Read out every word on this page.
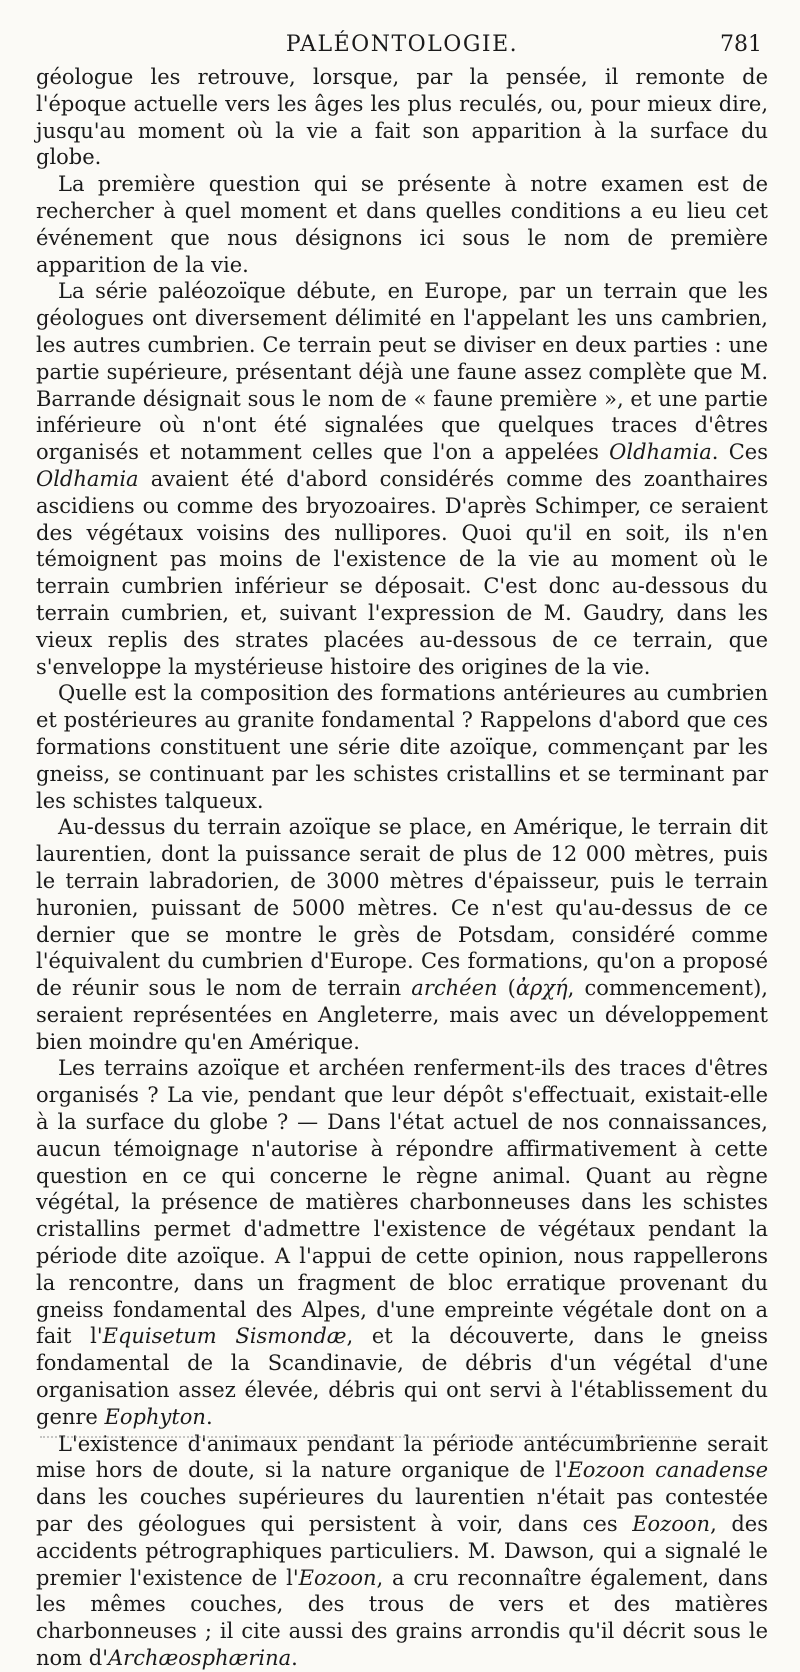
PALÉONTOLOGIE.	781

géologue les retrouve, lorsque, par la pensée, il remonte de l'époque actuelle vers les âges les plus reculés, ou, pour mieux dire, jusqu'au moment où la vie a fait son apparition à la surface du globe.

La première question qui se présente à notre examen est de rechercher à quel moment et dans quelles conditions a eu lieu cet événement que nous désignons ici sous le nom de première apparition de la vie.

La série paléozoïque débute, en Europe, par un terrain que les géologues ont diversement délimité en l'appelant les uns cambrien, les autres cumbrien. Ce terrain peut se diviser en deux parties : une partie supérieure, présentant déjà une faune assez complète que M. Barrande désignait sous le nom de « faune première », et une partie inférieure où n'ont été signalées que quelques traces d'êtres organisés et notamment celles que l'on a appelées Oldhamia. Ces Oldhamia avaient été d'abord considérés comme des zoanthaires ascidiens ou comme des bryozoaires. D'après Schimper, ce seraient des végétaux voisins des nullipores. Quoi qu'il en soit, ils n'en témoignent pas moins de l'existence de la vie au moment où le terrain cumbrien inférieur se déposait. C'est donc au-dessous du terrain cumbrien, et, suivant l'expression de M. Gaudry, dans les vieux replis des strates placées au-dessous de ce terrain, que s'enveloppe la mystérieuse histoire des origines de la vie.

Quelle est la composition des formations antérieures au cumbrien et postérieures au granite fondamental ? Rappelons d'abord que ces formations constituent une série dite azoïque, commençant par les gneiss, se continuant par les schistes cristallins et se terminant par les schistes talqueux.

Au-dessus du terrain azoïque se place, en Amérique, le terrain dit laurentien, dont la puissance serait de plus de 12 000 mètres, puis le terrain labradorien, de 3000 mètres d'épaisseur, puis le terrain huronien, puissant de 5000 mètres. Ce n'est qu'au-dessus de ce dernier que se montre le grès de Potsdam, considéré comme l'équivalent du cumbrien d'Europe. Ces formations, qu'on a proposé de réunir sous le nom de terrain archéen (ἀρχή, commencement), seraient représentées en Angleterre, mais avec un développement bien moindre qu'en Amérique.

Les terrains azoïque et archéen renferment-ils des traces d'êtres organisés ? La vie, pendant que leur dépôt s'effectuait, existait-elle à la surface du globe ? — Dans l'état actuel de nos connaissances, aucun témoignage n'autorise à répondre affirmativement à cette question en ce qui concerne le règne animal. Quant au règne végétal, la présence de matières charbonneuses dans les schistes cristallins permet d'admettre l'existence de végétaux pendant la période dite azoïque. A l'appui de cette opinion, nous rappellerons la rencontre, dans un fragment de bloc erratique provenant du gneiss fondamental des Alpes, d'une empreinte végétale dont on a fait l'Equisetum Sismondæ, et la découverte, dans le gneiss fondamental de la Scandinavie, de débris d'un végétal d'une organisation assez élevée, débris qui ont servi à l'établissement du genre Eophyton.

L'existence d'animaux pendant la période antécumbrienne serait mise hors de doute, si la nature organique de l'Eozoon canadense dans les couches supérieures du laurentien n'était pas contestée par des géologues qui persistent à voir, dans ces Eozoon, des accidents pétrographiques particuliers. M. Dawson, qui a signalé le premier l'existence de l'Eozoon, a cru reconnaître également, dans les mêmes couches, des trous de vers et des matières charbonneuses ; il cite aussi des grains arrondis qu'il décrit sous le nom d'Archæosphærina.
